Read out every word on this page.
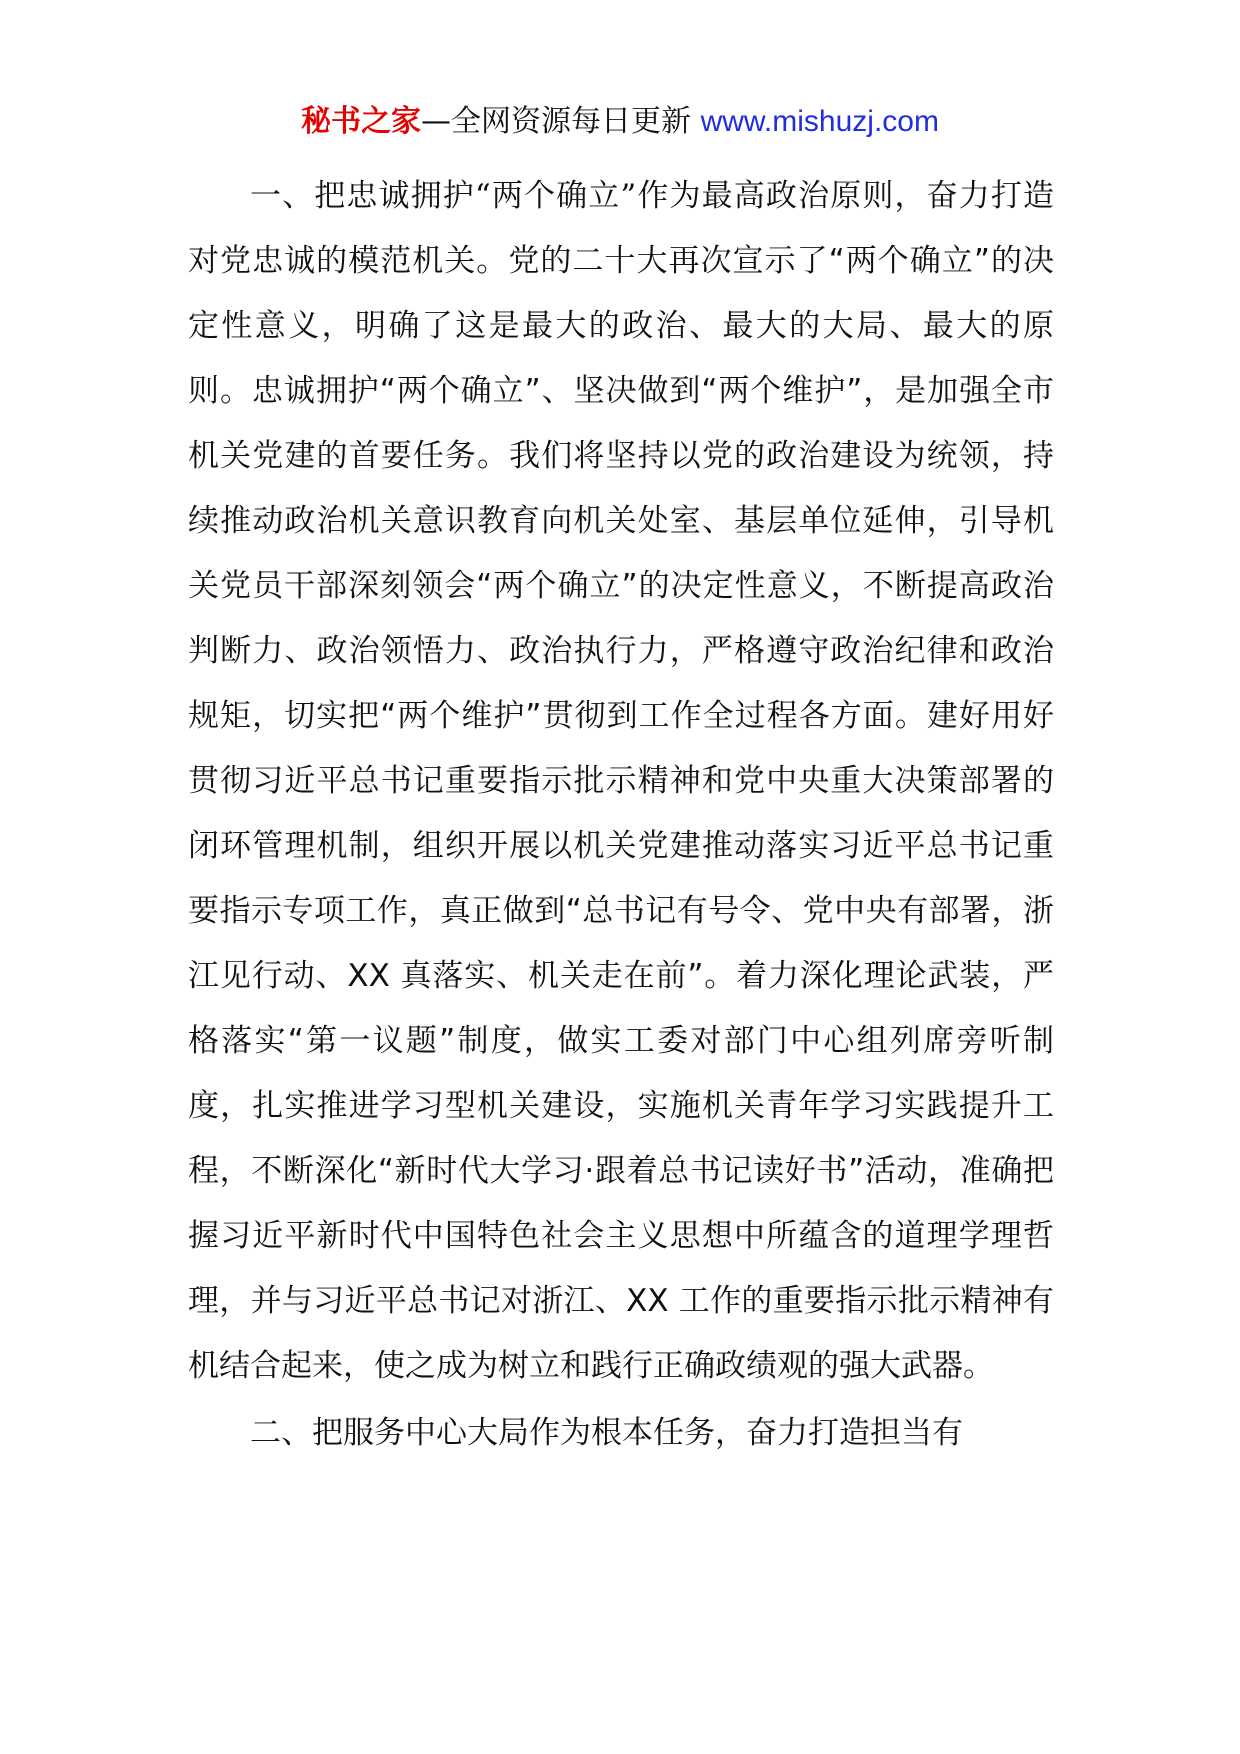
秘书之家—全网资源每日更新 www.mishuzj.com

一、把忠诚拥护“两个确立”作为最高政治原则，奋力打造对党忠诚的模范机关。党的二十大再次宣示了“两个确立”的决定性意义，明确了这是最大的政治、最大的大局、最大的原则。忠诚拥护“两个确立”、坚决做到“两个维护”，是加强全市机关党建的首要任务。我们将坚持以党的政治建设为统领，持续推动政治机关意识教育向机关处室、基层单位延伸，引导机关党员干部深刻领会“两个确立”的决定性意义，不断提高政治判断力、政治领悟力、政治执行力，严格遵守政治纪律和政治规矩，切实把“两个维护”贯彻到工作全过程各方面。建好用好贯彻习近平总书记重要指示批示精神和党中央重大决策部署的闭环管理机制，组织开展以机关党建推动落实习近平总书记重要指示专项工作，真正做到“总书记有号令、党中央有部署，浙江见行动、XX 真落实、机关走在前”。着力深化理论武装，严格落实“第一议题”制度，做实工委对部门中心组列席旁听制度，扎实推进学习型机关建设，实施机关青年学习实践提升工程，不断深化“新时代大学习·跟着总书记读好书”活动，准确把握习近平新时代中国特色社会主义思想中所蕴含的道理学理哲理，并与习近平总书记对浙江、XX 工作的重要指示批示精神有机结合起来，使之成为树立和践行正确政绩观的强大武器。

二、把服务中心大局作为根本任务，奋力打造担当有
